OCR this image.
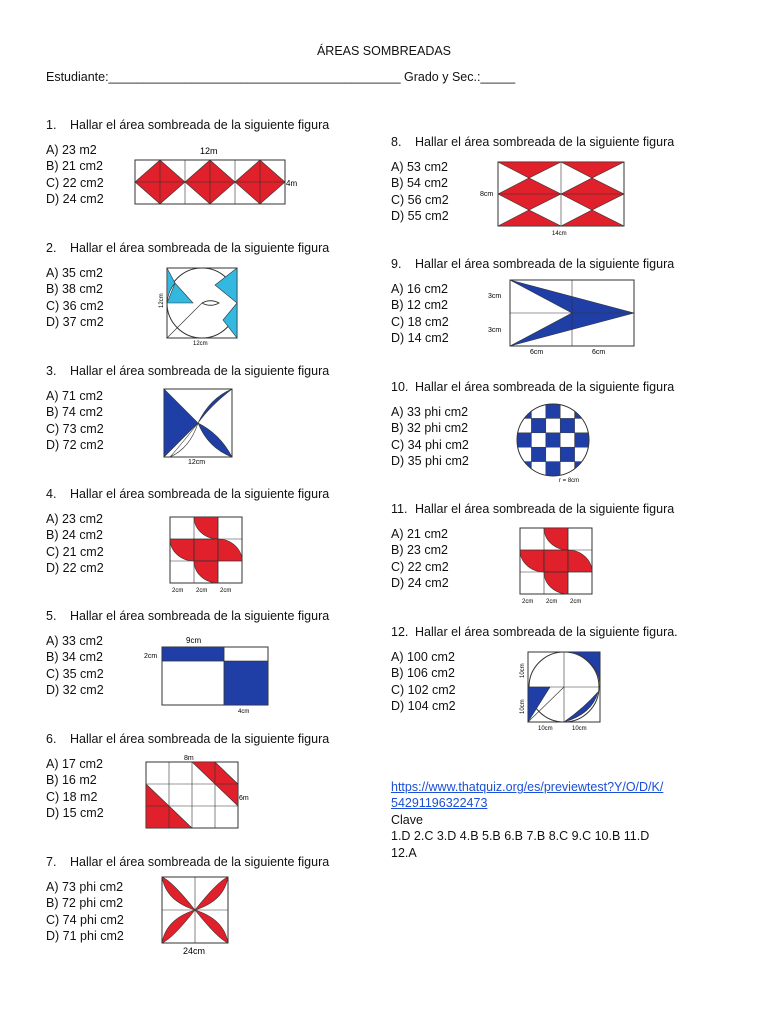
ÁREAS SOMBREADAS
Estudiante:__________________________________________ Grado y Sec.:_____
1. Hallar el área sombreada de la siguiente figura
A) 23 m2
B) 21 cm2
C) 22 cm2
D) 24 cm2
12m
4m
2. Hallar el área sombreada de la siguiente figura
A) 35 cm2
B) 38 cm2
C) 36 cm2
D) 37 cm2
12cm
12cm
3. Hallar el área sombreada de la siguiente figura
A) 71 cm2
B) 74 cm2
C) 73 cm2
D) 72 cm2
12cm
4. Hallar el área sombreada de la siguiente figura
A) 23 cm2
B) 24 cm2
C) 21 cm2
D) 22 cm2
2cm 2cm 2cm
5. Hallar el área sombreada de la siguiente figura
A) 33 cm2
B) 34 cm2
C) 35 cm2
D) 32 cm2
9cm
2cm
4cm
6. Hallar el área sombreada de la siguiente figura
A) 17 cm2
B) 16 m2
C) 18 m2
D) 15 cm2
8m
6m
7. Hallar el área sombreada de la siguiente figura
A) 73 phi cm2
B) 72 phi cm2
C) 74 phi cm2
D) 71 phi cm2
24cm
8. Hallar el área sombreada de la siguiente figura
A) 53 cm2
B) 54 cm2
C) 56 cm2
D) 55 cm2
8cm
14cm
9. Hallar el área sombreada de la siguiente figura
A) 16 cm2
B) 12 cm2
C) 18 cm2
D) 14 cm2
3cm
3cm
6cm	6cm
10. Hallar el área sombreada de la siguiente figura
A) 33 phi cm2
B) 32 phi cm2
C) 34 phi cm2
D) 35 phi cm2
r = 8cm
11. Hallar el área sombreada de la siguiente figura
A) 21 cm2
B) 23 cm2
C) 22 cm2
D) 24 cm2
2cm 2cm 2cm
12. Hallar el área sombreada de la siguiente figura.
A) 100 cm2
B) 106 cm2
C) 102 cm2
D) 104 cm2
10cm
10cm
10cm	10cm
https://www.thatquiz.org/es/previewtest?Y/O/D/K/
54291196322473
Clave
1.D 2.C 3.D 4.B 5.B 6.B 7.B 8.C 9.C 10.B 11.D
12.A
